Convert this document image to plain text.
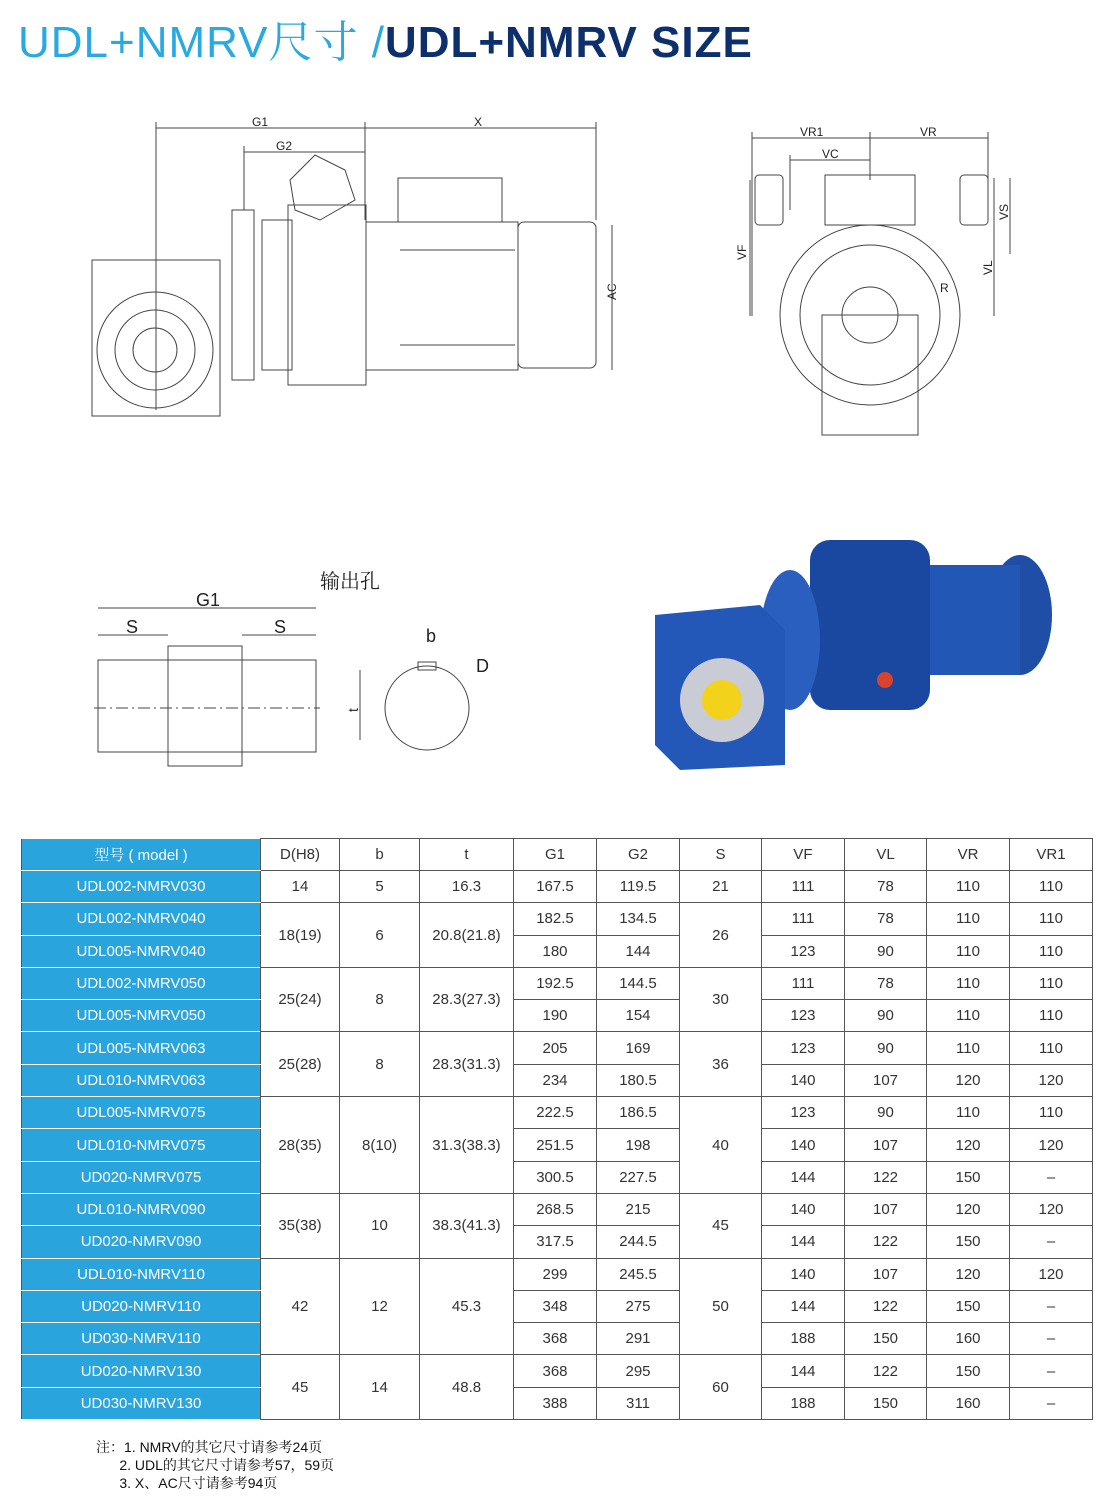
UDL+NMRV尺寸 /UDL+NMRV SIZE
G1	X
G2
AC
VR1	VR
VC
VF
VS
VL
R
输出孔
G1
S	S	b
D
t
型号 ( model )	D(H8)	b	t	G1	G2	S	VF	VL	VR	VR1
UDL002-NMRV030	14	5	16.3	167.5	119.5	21	111	78	110	110
UDL002-NMRV040	18(19)	6	20.8(21.8)	182.5	134.5	26	111	78	110	110
UDL005-NMRV040				180	144		123	90	110	110
UDL002-NMRV050	25(24)	8	28.3(27.3)	192.5	144.5	30	111	78	110	110
UDL005-NMRV050				190	154		123	90	110	110
UDL005-NMRV063	25(28)	8	28.3(31.3)	205	169	36	123	90	110	110
UDL010-NMRV063				234	180.5		140	107	120	120
UDL005-NMRV075	28(35)	8(10)	31.3(38.3)	222.5	186.5	40	123	90	110	110
UDL010-NMRV075				251.5	198		140	107	120	120
UD020-NMRV075				300.5	227.5		144	122	150	–
UDL010-NMRV090	35(38)	10	38.3(41.3)	268.5	215	45	140	107	120	120
UD020-NMRV090				317.5	244.5		144	122	150	–
UDL010-NMRV110	42	12	45.3	299	245.5	50	140	107	120	120
UD020-NMRV110				348	275		144	122	150	–
UD030-NMRV110				368	291		188	150	160	–
UD020-NMRV130	45	14	48.8	368	295	60	144	122	150	–
UD030-NMRV130				388	311		188	150	160	–
注：1. NMRV的其它尺寸请参考24页
2. UDL的其它尺寸请参考57，59页
3. X、AC尺寸请参考94页
